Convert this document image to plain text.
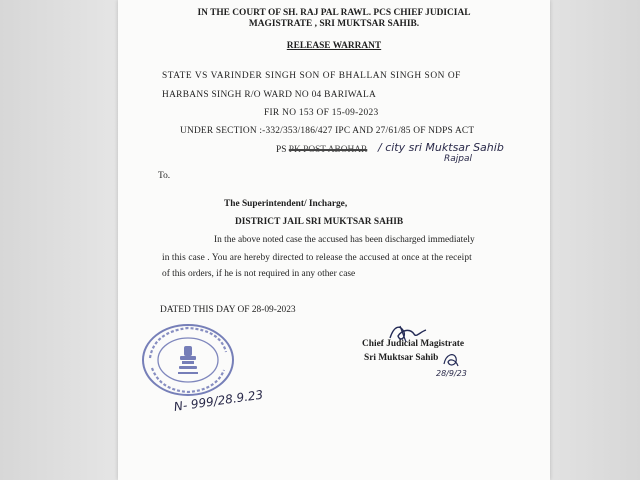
IN THE COURT OF SH. RAJ PAL RAWL. PCS CHIEF JUDICIAL
MAGISTRATE , SRI MUKTSAR SAHIB.
RELEASE WARRANT
STATE VS VARINDER SINGH SON OF BHALLAN SINGH SON OF
HARBANS SINGH R/O WARD NO 04 BARIWALA
FIR NO 153 OF 15-09-2023
UNDER SECTION :-332/353/186/427 IPC AND 27/61/85 OF NDPS ACT
PS PK POST ABOHAR / city sri Muktsar Sahib
Rajpal
To.
The Superintendent/ Incharge,
DISTRICT JAIL SRI MUKTSAR SAHIB
In the above noted case the accused has been discharged immediately
in this case . You are hereby directed to release the accused at once at the receipt
of this orders, if he is not required in any other case
DATED THIS DAY OF 28-09-2023
Chief Judicial Magistrate
Sri Muktsar Sahib
28/9/23
N- 999/28.9.23
